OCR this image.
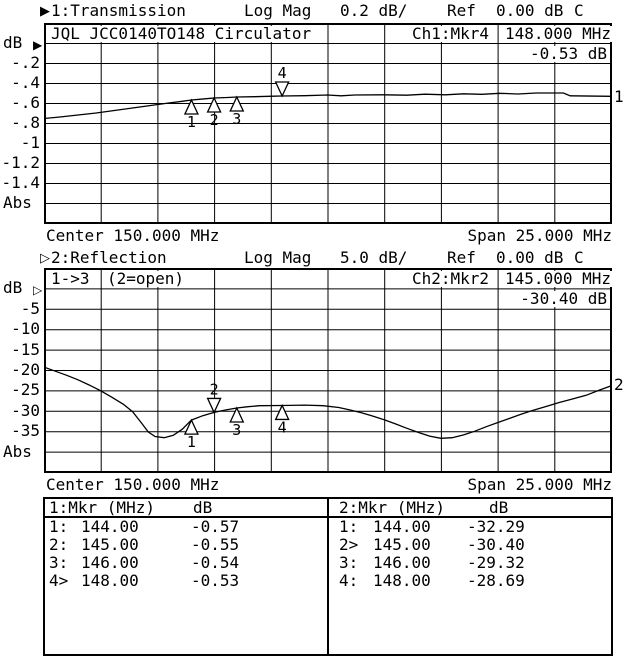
▶ 1:Transmission	Log Mag 0.2 dB/ Ref 0.00 dB C
1 2 3
4
dB ▶
-.2
-.4
-.6
-.8
-1
-1.2
-1.4
Abs
JQL JCC0140TO148 Circulator	Ch1:Mkr4 148.000 MHz
-0.53 dB
1
Center 150.000 MHz	Span 25.000 MHz
▷ 2:Reflection	Log Mag 5.0 dB/ Ref 0.00 dB C
1
2
3 4
dB ▷
-5
-10
-15
-20
-25
-30
-35
Abs
1->3 (2=open)	Ch2:Mkr2 145.000 MHz
-30.40 dB
2
Center 150.000 MHz	Span 25.000 MHz
1:Mkr (MHz) dB
1: 144.00	-0.57
2: 145.00	-0.55
3: 146.00	-0.54
4> 148.00	-0.53
2:Mkr (MHz)	dB
1: 144.00 -32.29
2> 145.00 -30.40
3: 146.00 -29.32
4: 148.00 -28.69
